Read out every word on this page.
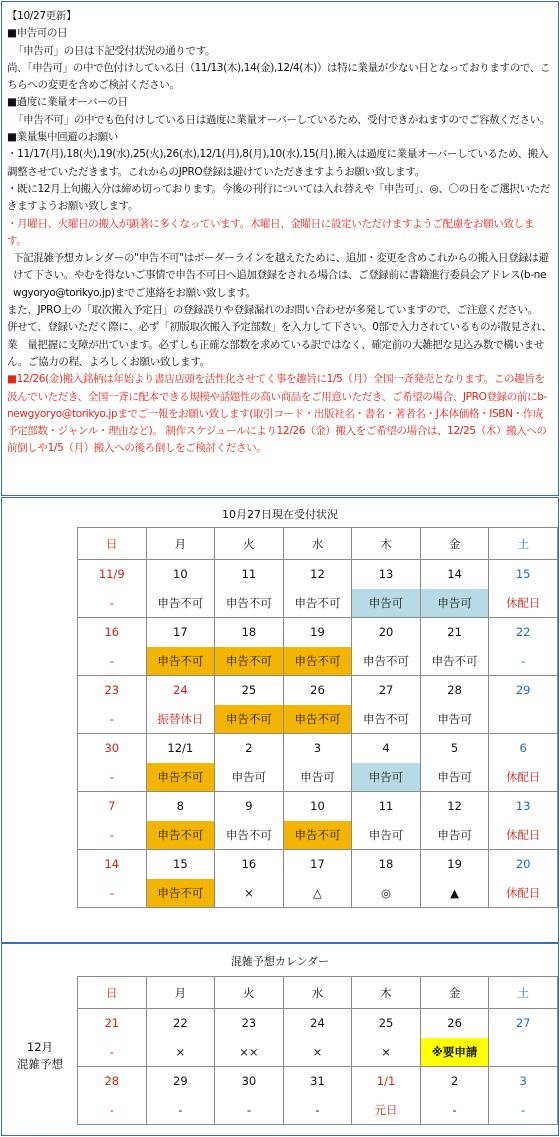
【10/27更新】

■申告可の日

「申告可」の日は下記受付状況の通りです。

尚、「申告可」の中で色付けしている日（11/13(木),14(金),12/4(木)）は特に業量が少ない日となっておりますので、こちらへの変更を含めご検討ください。

■過度に業量オーバーの日

「申告不可」の中でも色付けしている日は過度に業量オーバーしているため、受付できかねますのでご容赦ください。

■業量集中回避のお願い

・11/17(月),18(火),19(水),25(火),26(水),12/1(月),8(月),10(水),15(月),搬入は過度に業量オーバーしているため、搬入調整させていただきます。これからのJPRO登録は避けていただきますようお願い致します。

・既に12月上旬搬入分は締め切っております。今後の刊行については入れ替えや「申告可」、◎、〇の日をご選択いただきますようお願い致します。

・月曜日、火曜日の搬入が顕著に多くなっています。木曜日、金曜日に設定いただけますようご配慮をお願い致します。

下記混雑予想カレンダーの"申告不可"はボーダーラインを越えたために、追加・変更を含めこれからの搬入日登録は避けて下さい。やむを得ないご事情で申告不可日へ追加登録をされる場合は、ご登録前に書籍進行委員会アドレス(b-newgyoryo@torikyo.jp)までご連絡をお願い致します。

また、JPRO上の「取次搬入予定日」の登録誤りや登録漏れのお問い合わせが多発していますので、ご注意ください。

併せて、登録いただく際に、必ず「初版取次搬入予定部数」を入力して下さい。0部で入力されているものが散見され、業　量把握に支障が出ています。必ずしも正確な部数を求めている訳ではなく、確定前の大雑把な見込み数で構いません。ご協力の程、よろしくお願い致します。

■12/26(金)搬入銘柄は年始より書店店頭を活性化させてく事を趣旨に1/5（月）全国一斉発売となります。この趣旨を汲んでいただき、全国一斉に配本できる規模や話題性の高い商品をご用意いただき、ご希望の場合、JPRO登録の前にb-newgyoryo@torikyo.jpまでご一報をお願い致します(取引コード・出版社名・書名・著者名・J本体価格・ISBN・作成予定部数・ジャンル・理由など)。 制作スケジュールにより12/26（金）搬入をご希望の場合は、12/25（木）搬入への前倒しや1/5（月）搬入への後ろ倒しをご検討ください。

10月27日現在受付状況
日	月	火	水	木	金	土
11/9	10	11	12	13	14	15
-	申告不可	申告不可	申告不可	申告可	申告可	休配日
16	17	18	19	20	21	22
-	申告不可	申告不可	申告不可	申告不可	申告不可	-
23	24	25	26	27	28	29
-	振替休日	申告不可	申告不可	申告不可	申告可	
30	12/1	2	3	4	5	6
-	申告不可	申告可	申告可	申告可	申告可	休配日
7	8	9	10	11	12	13
-	申告不可	申告不可	申告不可	申告可	申告可	休配日
14	15	16	17	18	19	20
-	申告不可	×	△	◎	▲	休配日
混雑予想カレンダー
12月
混雑予想
日	月	火	水	木	金	土
21	22	23	24	25	26	27
-	×	××	×	×	※要申請	
28	29	30	31	1/1	2	3
-	-	-	-	元日	-	-
